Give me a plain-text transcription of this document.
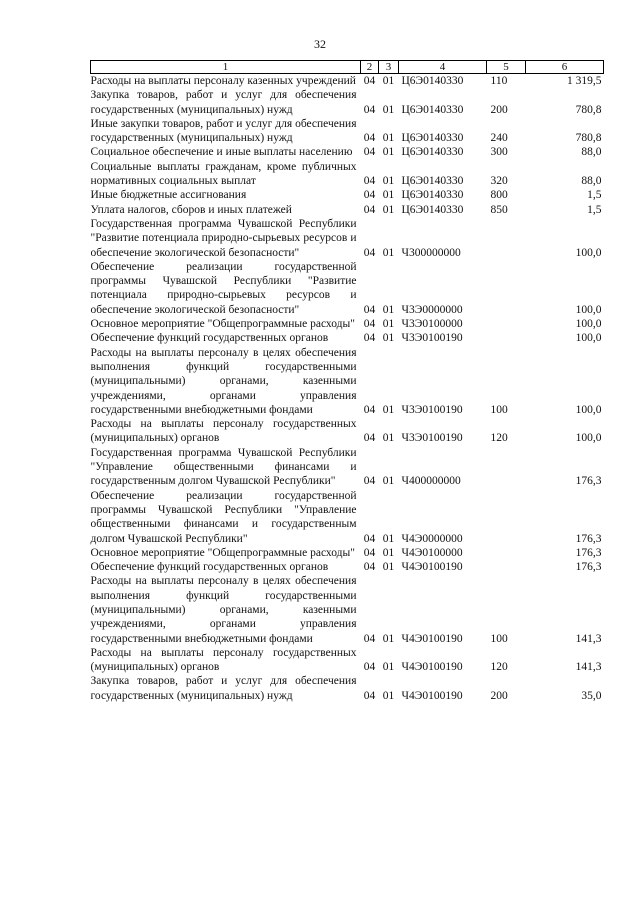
32
1	2	3	4	5	6
Расходы на выплаты персоналу казенных учреждений	04	01	Ц6Э0140330	110	1 319,5
Закупка товаров, работ и услуг для обеспечения государственных (муниципальных) нужд	04	01	Ц6Э0140330	200	780,8
Иные закупки товаров, работ и услуг для обеспечения государственных (муниципальных) нужд	04	01	Ц6Э0140330	240	780,8
Социальное обеспечение и иные выплаты населению	04	01	Ц6Э0140330	300	88,0
Социальные выплаты гражданам, кроме публичных нормативных социальных выплат	04	01	Ц6Э0140330	320	88,0
Иные бюджетные ассигнования	04	01	Ц6Э0140330	800	1,5
Уплата налогов, сборов и иных платежей	04	01	Ц6Э0140330	850	1,5
Государственная программа Чувашской Республики "Развитие потенциала природно-сырьевых ресурсов и обеспечение экологической безопасности"	04	01	Ч300000000		100,0
Обеспечение реализации государственной программы Чувашской Республики "Развитие потенциала природно-сырьевых ресурсов и обеспечение экологической безопасности"	04	01	Ч3Э0000000		100,0
Основное мероприятие "Общепрограммные расходы"	04	01	Ч3Э0100000		100,0
Обеспечение функций государственных органов	04	01	Ч3Э0100190		100,0
Расходы на выплаты персоналу в целях обеспечения выполнения функций государственными (муниципальными) органами, казенными учреждениями, органами управления государственными внебюджетными фондами	04	01	Ч3Э0100190	100	100,0
Расходы на выплаты персоналу государственных (муниципальных) органов	04	01	Ч3Э0100190	120	100,0
Государственная программа Чувашской Республики "Управление общественными финансами и государственным долгом Чувашской Республики"	04	01	Ч400000000		176,3
Обеспечение реализации государственной программы Чувашской Республики "Управление общественными финансами и государственным долгом Чувашской Республики"	04	01	Ч4Э0000000		176,3
Основное мероприятие "Общепрограммные расходы"	04	01	Ч4Э0100000		176,3
Обеспечение функций государственных органов	04	01	Ч4Э0100190		176,3
Расходы на выплаты персоналу в целях обеспечения выполнения функций государственными (муниципальными) органами, казенными учреждениями, органами управления государственными внебюджетными фондами	04	01	Ч4Э0100190	100	141,3
Расходы на выплаты персоналу государственных (муниципальных) органов	04	01	Ч4Э0100190	120	141,3
Закупка товаров, работ и услуг для обеспечения государственных (муниципальных) нужд	04	01	Ч4Э0100190	200	35,0
